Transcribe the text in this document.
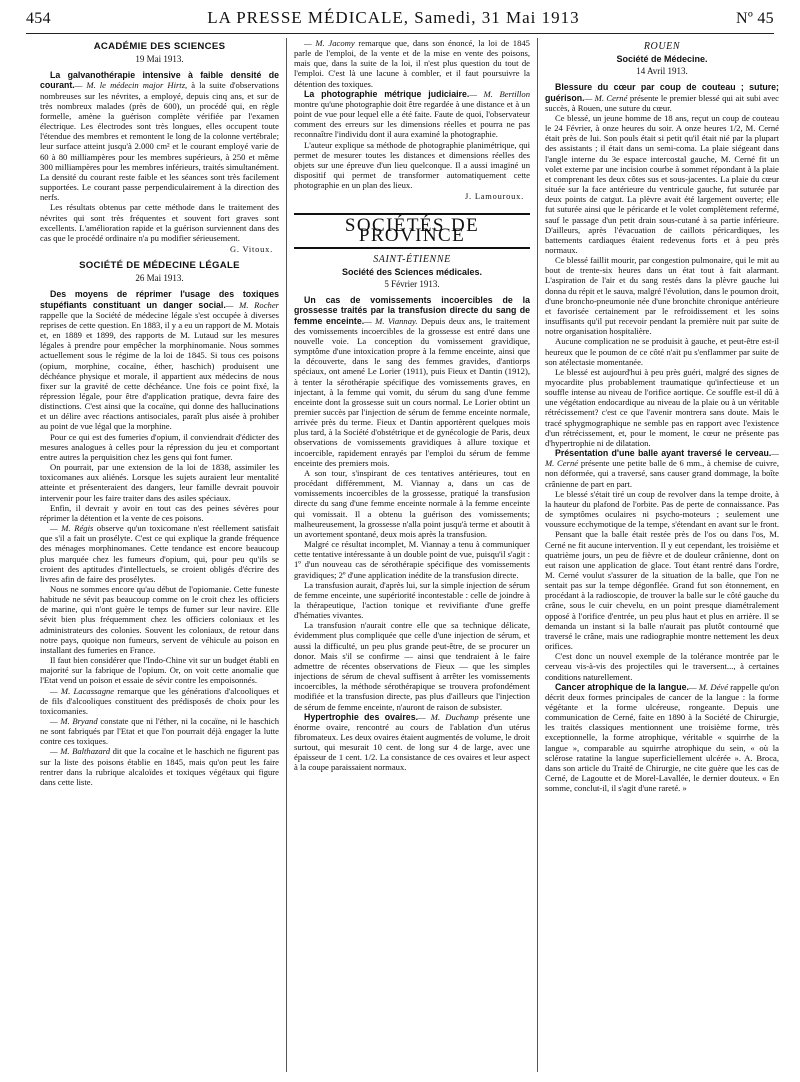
454	LA PRESSE MÉDICALE, Samedi, 31 Mai 1913	Nº 45
ACADÉMIE DES SCIENCES
19 Mai 1913.

La galvanothérapie intensive à faible densité de courant.— M. le médecin major Hirtz, à la suite d'observations nombreuses sur les névrites, a employé, depuis cinq ans, et sur de très nombreux malades (près de 600), un procédé qui, en règle formelle, amène la guérison complète vérifiée par l'examen électrique. Les électrodes sont très longues, elles occupent toute l'étendue des membres et remontent le long de la colonne vertébrale; leur surface atteint jusqu'à 2.000 cm² et le courant employé varie de 60 à 80 milliampères pour les membres supérieurs, à 250 et même 300 milliampères pour les membres inférieurs, traités simultanément. La densité du courant reste faible et les séances sont très facilement supportées. Le courant passe perpendiculairement à la direction des nerfs.

Les résultats obtenus par cette méthode dans le traitement des névrites qui sont très fréquentes et souvent fort graves sont excellents. L'amélioration rapide et la guérison surviennent dans des cas que le procédé ordinaire n'a pu modifier sérieusement.

G. Vitoux.
SOCIÉTÉ DE MÉDECINE LÉGALE
26 Mai 1913.

Des moyens de réprimer l'usage des toxiques stupéfiants constituant un danger social.— M. Rocher rappelle que la Société de médecine légale s'est occupée à diverses reprises de cette question. En 1883, il y a eu un rapport de M. Motais et, en 1889 et 1899, des rapports de M. Lutaud sur les mesures légales à prendre pour empêcher la morphinomanie. Nous sommes actuellement sous le régime de la loi de 1845. Si tous ces poisons (opium, morphine, cocaïne, éther, haschich) produisent une déchéance physique et morale, il appartient aux médecins de nous fixer sur la gravité de cette déchéance. Une fois ce point fixé, la répression légale, pour être d'application pratique, devra faire des distinctions. C'est ainsi que la cocaïne, qui donne des hallucinations et un délire avec réactions antisociales, paraît plus aisée à prohiber au point de vue légal que la morphine.

Pour ce qui est des fumeries d'opium, il conviendrait d'édicter des mesures analogues à celles pour la répression du jeu et comportant entre autres la perquisition chez les gens qui font fumer.

On pourrait, par une extension de la loi de 1838, assimiler les toxicomanes aux aliénés. Lorsque les sujets auraient leur mentalité atteinte et présenteraient des dangers, leur famille devrait pouvoir intervenir pour les faire traiter dans des asiles spéciaux.

Enfin, il devrait y avoir en tout cas des peines sévères pour réprimer la détention et la vente de ces poisons.

— M. Régis observe qu'un toxicomane n'est réellement satisfait que s'il a fait un prosélyte. C'est ce qui explique la grande fréquence des ménages morphinomanes. Cette tendance est encore beaucoup plus marquée chez les fumeurs d'opium, qui, pour peu qu'ils se croient des aptitudes d'intellectuels, se croient obligés d'écrire des livres afin de faire des prosélytes.

Nous ne sommes encore qu'au début de l'opiomanie. Cette funeste habitude ne sévit pas beaucoup comme on le croit chez les officiers de marine, qui n'ont guère le temps de fumer sur leur navire. Elle sévit bien plus fréquemment chez les officiers coloniaux et les administrateurs des colonies. Souvent les coloniaux, de retour dans notre pays, quoique non fumeurs, servent de véhicule au poison en installant des fumeries en France.

Il faut bien considérer que l'Indo-Chine vit sur un budget établi en majorité sur la fabrique de l'opium. Or, on voit cette anomalie que l'Etat vend un poison et essaie de sévir contre les empoisonnés.

— M. Lacassagne remarque que les générations d'alcooliques et de fils d'alcooliques constituent des prédisposés de choix pour les toxicomanies.

— M. Bryand constate que ni l'éther, ni la cocaïne, ni le haschich ne sont fabriqués par l'Etat et que l'on pourrait déjà engager la lutte contre ces toxiques.

— M. Balthazard dit que la cocaïne et le haschich ne figurent pas sur la liste des poisons établie en 1845, mais qu'on peut les faire rentrer dans la rubrique alcaloïdes et toxiques végétaux qui figure dans cette liste.

— M. Jacomy remarque que, dans son énoncé, la loi de 1845 parle de l'emploi, de la vente et de la mise en vente des poisons, mais que, dans la suite de la loi, il n'est plus question du tout de l'emploi. C'est là une lacune à combler, et il faut poursuivre la détention des toxiques.

La photographie métrique judiciaire.— M. Bertillon montre qu'une photographie doit être regardée à une distance et à un point de vue pour lequel elle a été faite. Faute de quoi, l'observateur comment des erreurs sur les dimensions réelles et pourra ne pas reconnaître l'individu dont il aura examiné la photographie.

L'auteur explique sa méthode de photographie planimétrique, qui permet de mesurer toutes les distances et dimensions réelles des objets sur une épreuve d'un lieu quelconque. Il a aussi imaginé un dispositif qui permet de transformer automatiquement cette photographie en un plan des lieux.

J. Lamouroux.
SOCIÉTÉS DE PROVINCE
SAINT-ÉTIENNE
Société des Sciences médicales.
5 Février 1913.

Un cas de vomissements incoercibles de la grossesse traités par la transfusion directe du sang de femme enceinte.— M. Viannay. Depuis deux ans, le traitement des vomissements incoercibles de la grossesse est entré dans une nouvelle voie. La conception du vomissement gravidique, symptôme d'une intoxication propre à la femme enceinte, ainsi que la découverte, dans le sang des femmes gravides, d'antiorps spéciaux, ont amené Le Lorier (1911), puis Fieux et Dantin (1912), à tenter la sérothérapie spécifique des vomissements graves, en injectant, à la femme qui vomit, du sérum du sang d'une femme enceinte dont la grossesse suit un cours normal. Le Lorier obtint un premier succès par l'injection de sérum de femme enceinte normale, arrivée près du terme. Fieux et Dantin apportèrent quelques mois plus tard, à la Société d'obstétrique et de gynécologie de Paris, deux observations de vomissements gravidiques à allure toxique et incoercible, rapidement enrayés par l'emploi du sérum de femme enceinte des premiers mois.

A son tour, s'inspirant de ces tentatives antérieures, tout en procédant différemment, M. Viannay a, dans un cas de vomissements incoercibles de la grossesse, pratiqué la transfusion directe du sang d'une femme enceinte normale à la femme enceinte qui vomissait. Il a obtenu la guérison des vomissements; malheureusement, la grossesse n'alla point jusqu'à terme et aboutit à un avortement spontané, deux mois après la transfusion.

Malgré ce résultat incomplet, M. Viannay a tenu à communiquer cette tentative intéressante à un double point de vue, puisqu'il s'agit : 1º d'un nouveau cas de sérothérapie spécifique des vomissements gravidiques; 2º d'une application inédite de la transfusion directe.

La transfusion aurait, d'après lui, sur la simple injection de sérum de femme enceinte, une supériorité incontestable : celle de joindre à la thérapeutique, l'action tonique et revivifiante d'une greffe d'hématies vivantes.

La transfusion n'aurait contre elle que sa technique délicate, évidemment plus compliquée que celle d'une injection de sérum, et aussi la difficulté, un peu plus grande peut-être, de se procurer un donor. Mais s'il se confirme — ainsi que tendraient à le faire admettre de récentes observations de Fieux — que les simples injections de sérum de cheval suffisent à arrêter les vomissements incoercibles, la méthode sérothérapique se trouvera profondément modifiée et la transfusion directe, pas plus d'ailleurs que l'injection de sérum de femme enceinte, n'auront de raison de subsister.

Hypertrophie des ovaires.— M. Duchamp présente une énorme ovaire, rencontré au cours de l'ablation d'un utérus fibromateux. Les deux ovaires étaient augmentés de volume, le droit surtout, qui mesurait 10 cent. de long sur 4 de large, avec une épaisseur de 1 cent. 1/2. La consistance de ces ovaires et leur aspect à la coupe paraissaient normaux.

ROUEN
Société de Médecine.
14 Avril 1913.

Blessure du cœur par coup de couteau ; suture; guérison.— M. Cerné présente le premier blessé qui ait subi avec succès, à Rouen, une suture du cœur.

Ce blessé, un jeune homme de 18 ans, reçut un coup de couteau le 24 Février, à onze heures du soir. A onze heures 1/2, M. Cerné était près de lui. Son pouls était si petit qu'il était nié par la plupart des assistants ; il était dans un semi-coma. La plaie siégeant dans l'angle interne du 3e espace intercostal gauche, M. Cerné fit un volet externe par une incision courbe à sommet répondant à la plaie et comprenant les deux côtes sus et sous-jacentes. La plaie du cœur située sur la face antérieure du ventricule gauche, fut suturée par deux points de catgut. La plèvre avait été largement ouverte; elle fut suturée ainsi que le péricarde et le volet complètement refermé, sauf le passage d'un petit drain sous-cutané à sa partie inférieure. D'ailleurs, après l'évacuation de caillots péricardiques, les battements cardiaques étaient redevenus forts et à peu près normaux.

Ce blessé faillit mourir, par congestion pulmonaire, qui le mit au bout de trente-six heures dans un état tout à fait alarmant. L'aspiration de l'air et du sang restés dans la plèvre gauche lui donna du répit et le sauva, malgré l'évolution, dans le poumon droit, d'une broncho-pneumonie née d'une bronchite chronique antérieure et favorisée certainement par le refroidissement et les soins insuffisants qu'il put recevoir pendant la première nuit par suite de notre organisation hospitalière.

Aucune complication ne se produisit à gauche, et peut-être est-il heureux que le poumon de ce côté n'ait pu s'enflammer par suite de son atélectasie momentanée.

Le blessé est aujourd'hui à peu près guéri, malgré des signes de myocardite plus probablement traumatique qu'infectieuse et un souffle intense au niveau de l'orifice aortique. Ce souffle est-il dû à une végétation endocardique au niveau de la plaie ou à un véritable rétrécissement? c'est ce que l'avenir montrera sans doute. Mais le tracé sphygmographique ne semble pas en rapport avec l'existence d'un rétrécissement, et, pour le moment, le cœur ne présente pas d'hypertrophie ni de dilatation.

Présentation d'une balle ayant traversé le cerveau.— M. Cerné présente une petite balle de 6 mm., à chemise de cuivre, non déformée, qui a traversé, sans causer grand dommage, la boîte crânienne de part en part.

Le blessé s'était tiré un coup de revolver dans la tempe droite, à la hauteur du plafond de l'orbite. Pas de perte de connaissance. Pas de symptômes oculaires ni psycho-moteurs ; seulement une voussure ecchymotique de la tempe, s'étendant en avant sur le front.

Pensant que la balle était restée près de l'os ou dans l'os, M. Cerné ne fit aucune intervention. Il y eut cependant, les troisième et quatrième jours, un peu de fièvre et de douleur crânienne, dont on eut raison une application de glace. Tout étant rentré dans l'ordre, M. Cerné voulut s'assurer de la situation de la balle, que l'on ne sentait pas sur la tempe dégonflée. Grand fut son étonnement, en procédant à la radioscopie, de trouver la balle sur le côté gauche du crâne, sous le cuir chevelu, en un point presque diamétralement opposé à l'orifice d'entrée, un peu plus haut et plus en arrière. Il se demanda un instant si la balle n'aurait pas plutôt contourné que traversé le crâne, mais une radiographie montre nettement les deux orifices.

C'est donc un nouvel exemple de la tolérance montrée par le cerveau vis-à-vis des projectiles qui le traversent..., à certaines conditions naturellement.

Cancer atrophique de la langue.— M. Dévé rappelle qu'on décrit deux formes principales de cancer de la langue : la forme végétante et la forme ulcéreuse, rongeante. Depuis une communication de Cerné, faite en 1890 à la Société de Chirurgie, les traités classiques mentionnent une troisième forme, très exceptionnelle, la forme atrophique, véritable « squirrhe de la langue », comparable au squirrhe atrophique du sein, « où la sclérose ratatine la langue superficiellement ulcérée ». A. Broca, dans son article du Traité de Chirurgie, ne cite guère que les cas de Cerné, de Lagoutte et de Morel-Lavallée, le dernier douteux. « En somme, conclut-il, il s'agit d'une rareté. »
